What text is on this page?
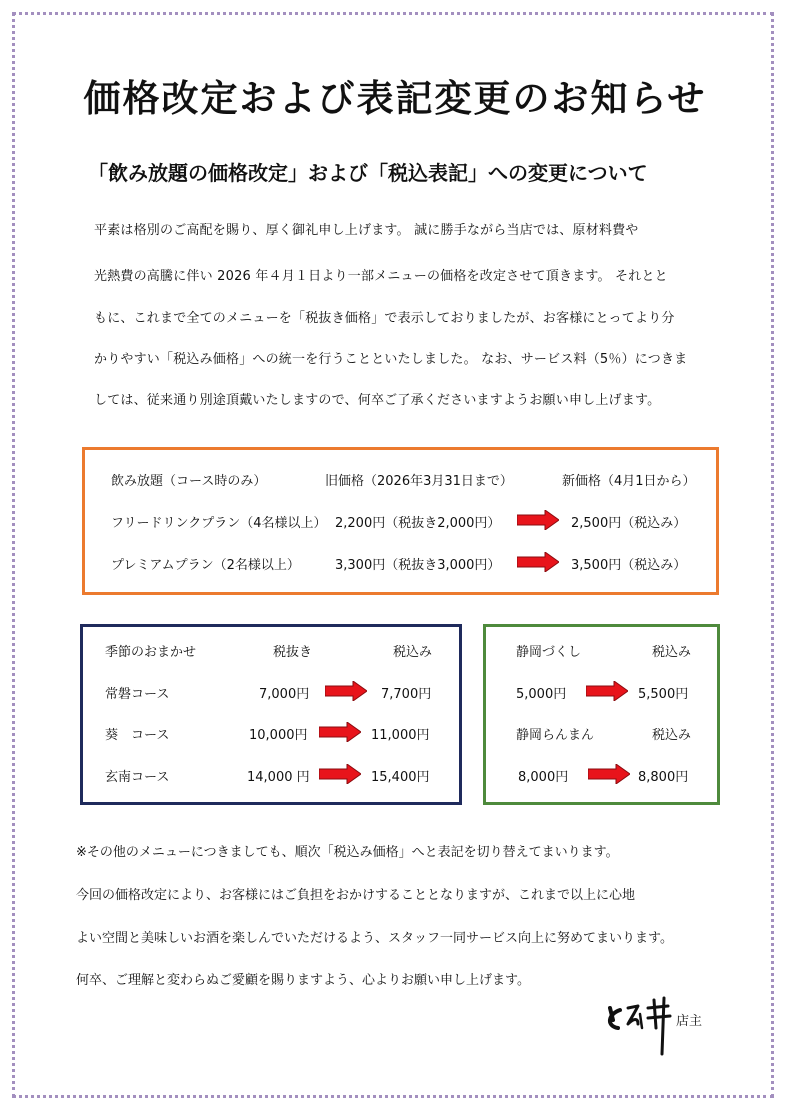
価格改定および表記変更のお知らせ
「飲み放題の価格改定」および「税込表記」への変更について
平素は格別のご高配を賜り、厚く御礼申し上げます。 誠に勝手ながら当店では、原材料費や
光熱費の高騰に伴い 2026 年４月１日より一部メニューの価格を改定させて頂きます。 それとと
もに、これまで全てのメニューを「税抜き価格」で表示しておりましたが、お客様にとってより分
かりやすい「税込み価格」への統一を行うことといたしました。 なお、サービス料（5％）につきま
しては、従来通り別途頂戴いたしますので、何卒ご了承くださいますようお願い申し上げます。
飲み放題（コース時のみ）	旧価格（2026年3月31日まで）	新価格（4月1日から）
フリードリンクプラン（4名様以上） 2,200円（税抜き2,000円）	2,500円（税込み）
プレミアムプラン（2名様以上）	3,300円（税抜き3,000円）	3,500円（税込み）
季節のおまかせ	税抜き	税込み
常磐コース	7,000円	7,700円
葵　コース	10,000円	11,000円
玄南コース	14,000 円	15,400円
静岡づくし	税込み
5,000円	5,500円
静岡らんまん	税込み
8,000円	8,800円
※その他のメニューにつきましても、順次「税込み価格」へと表記を切り替えてまいります。
今回の価格改定により、お客様にはご負担をおかけすることとなりますが、これまで以上に心地
よい空間と美味しいお酒を楽しんでいただけるよう、スタッフ一同サービス向上に努めてまいります。
何卒、ご理解と変わらぬご愛顧を賜りますよう、心よりお願い申し上げます。
店主
